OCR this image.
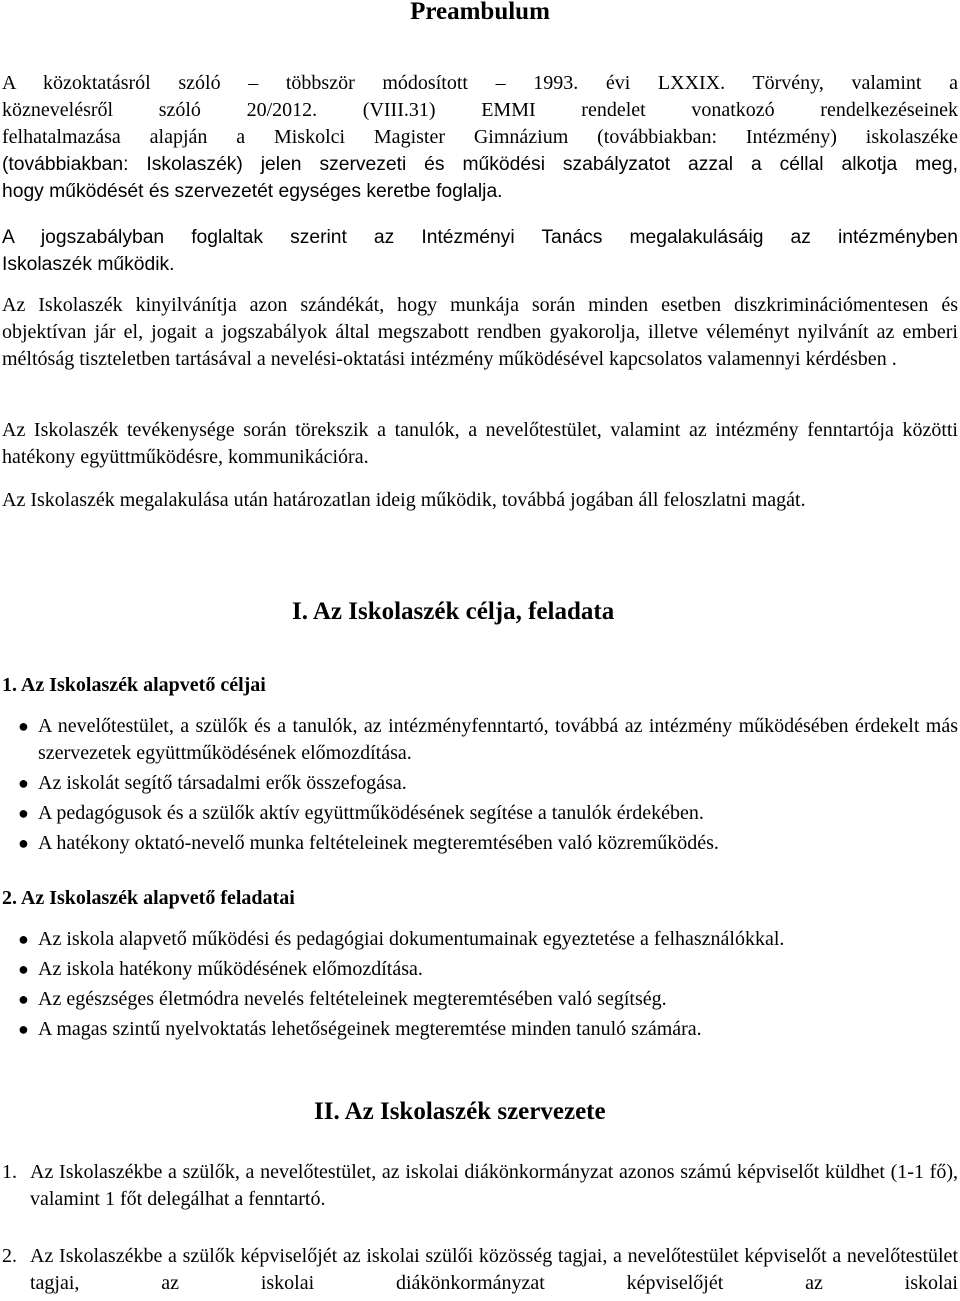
Preambulum
A közoktatásról szóló – többször módosított – 1993. évi LXXIX. Törvény, valamint a
köznevelésről szóló 20/2012. (VIII.31) EMMI rendelet vonatkozó rendelkezéseinek
felhatalmazása alapján a Miskolci Magister Gimnázium (továbbiakban: Intézmény) iskolaszéke
(továbbiakban: Iskolaszék) jelen szervezeti és működési szabályzatot azzal a céllal alkotja meg,
hogy működését és szervezetét egységes keretbe foglalja.
A jogszabályban foglaltak szerint az Intézményi Tanács megalakulásáig az intézményben
Iskolaszék működik.

Az Iskolaszék kinyilvánítja azon szándékát, hogy munkája során minden esetben diszkriminációmentesen és objektívan jár el, jogait a jogszabályok által megszabott rendben gyakorolja, illetve véleményt nyilvánít az emberi méltóság tiszteletben tartásával a nevelési-oktatási intézmény működésével kapcsolatos valamennyi kérdésben .

Az Iskolaszék tevékenysége során törekszik a tanulók, a nevelőtestület, valamint az intézmény fenntartója közötti hatékony együttműködésre, kommunikációra.

Az Iskolaszék megalakulása után határozatlan ideig működik, továbbá jogában áll feloszlatni magát.

I. Az Iskolaszék célja, feladata
1. Az Iskolaszék alapvető céljai
● A nevelőtestület, a szülők és a tanulók, az intézményfenntartó, továbbá az intézmény működésében érdekelt más szervezetek együttműködésének előmozdítása.
● Az iskolát segítő társadalmi erők összefogása.
● A pedagógusok és a szülők aktív együttműködésének segítése a tanulók érdekében.
● A hatékony oktató-nevelő munka feltételeinek megteremtésében való közreműködés.
2. Az Iskolaszék alapvető feladatai
● Az iskola alapvető működési és pedagógiai dokumentumainak egyeztetése a felhasználókkal.
● Az iskola hatékony működésének előmozdítása.
● Az egészséges életmódra nevelés feltételeinek megteremtésében való segítség.
● A magas szintű nyelvoktatás lehetőségeinek megteremtése minden tanuló számára.
II. Az Iskolaszék szervezete
1. Az Iskolaszékbe a szülők, a nevelőtestület, az iskolai diákönkormányzat azonos számú képviselőt küldhet (1-1 fő), valamint 1 főt delegálhat a fenntartó.
2. Az Iskolaszékbe a szülők képviselőjét az iskolai szülői közösség tagjai, a nevelőtestület képviselőt a nevelőtestület tagjai, az iskolai diákönkormányzat képviselőjét az iskolai
